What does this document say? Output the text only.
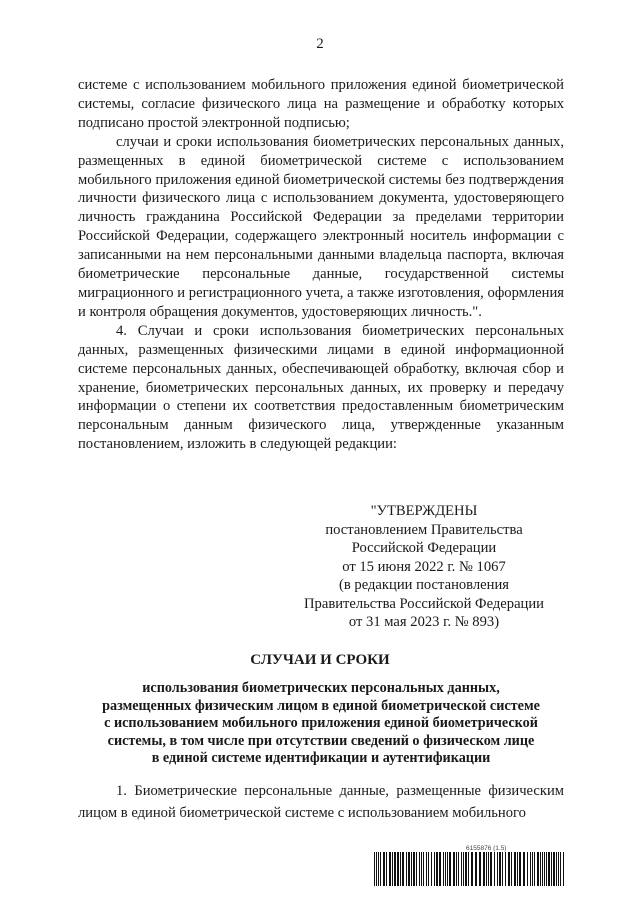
2

системе с использованием мобильного приложения единой биометрической системы, согласие физического лица на размещение и обработку которых подписано простой электронной подписью;

случаи и сроки использования биометрических персональных данных, размещенных в единой биометрической системе с использованием мобильного приложения единой биометрической системы без подтверждения личности физического лица с использованием документа, удостоверяющего личность гражданина Российской Федерации за пределами территории Российской Федерации, содержащего электронный носитель информации с записанными на нем персональными данными владельца паспорта, включая биометрические персональные данные, государственной системы миграционного и регистрационного учета, а также изготовления, оформления и контроля обращения документов, удостоверяющих личность.".

4. Случаи и сроки использования биометрических персональных данных, размещенных физическими лицами в единой информационной системе персональных данных, обеспечивающей обработку, включая сбор и хранение, биометрических персональных данных, их проверку и передачу информации о степени их соответствия предоставленным биометрическим персональным данным физического лица, утвержденные указанным постановлением, изложить в следующей редакции:

"УТВЕРЖДЕНЫ
постановлением Правительства
Российской Федерации
от 15 июня 2022 г. № 1067
(в редакции постановления
Правительства Российской Федерации
от 31 мая 2023 г. № 893)
СЛУЧАИ И СРОКИ
использования биометрических персональных данных,
размещенных физическим лицом в единой биометрической системе
с использованием мобильного приложения единой биометрической
системы, в том числе при отсутствии сведений о физическом лице
в единой системе идентификации и аутентификации
1. Биометрические персональные данные, размещенные физическим лицом в единой биометрической системе с использованием мобильного
6155876 (1.5)
